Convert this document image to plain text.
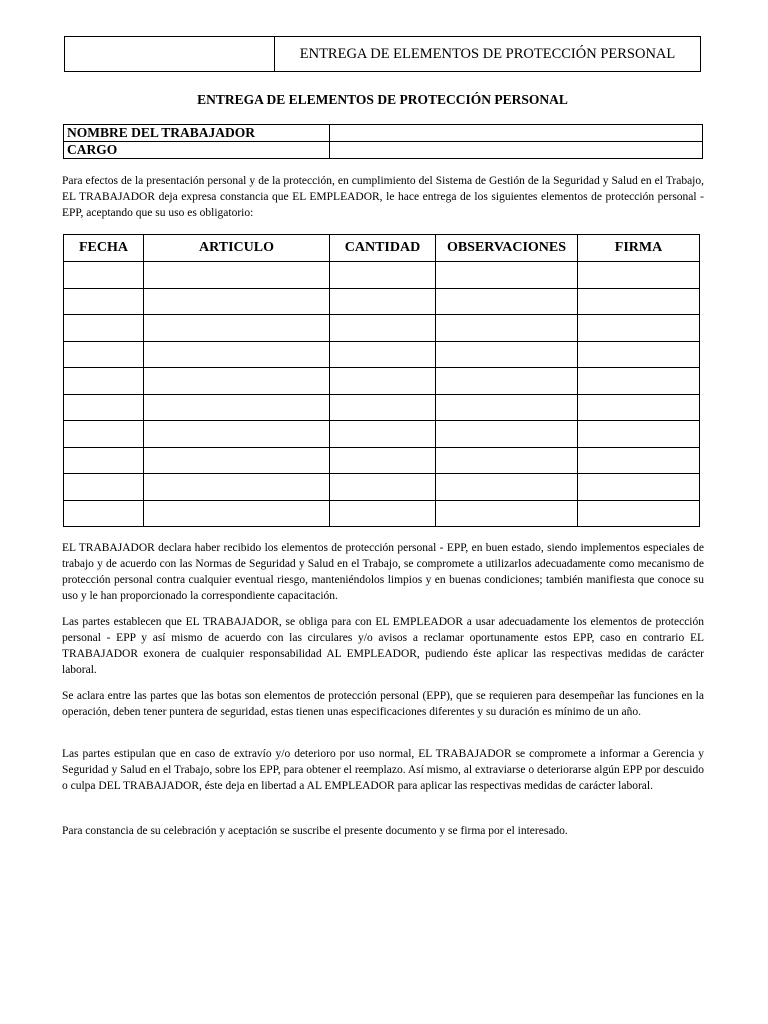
ENTREGA DE ELEMENTOS DE PROTECCIÓN PERSONAL
ENTREGA DE ELEMENTOS DE PROTECCIÓN PERSONAL
NOMBRE DEL TRABAJADOR	
CARGO	

Para efectos de la presentación personal y de la protección, en cumplimiento del Sistema de Gestión de la Seguridad y Salud en el Trabajo, EL TRABAJADOR deja expresa constancia que EL EMPLEADOR, le hace entrega de los siguientes elementos de protección personal - EPP, aceptando que su uso es obligatorio:

FECHA	ARTICULO	CANTIDAD	OBSERVACIONES	FIRMA

EL TRABAJADOR declara haber recibido los elementos de protección personal - EPP, en buen estado, siendo implementos especiales de trabajo y de acuerdo con las Normas de Seguridad y Salud en el Trabajo, se compromete a utilizarlos adecuadamente como mecanismo de protección personal contra cualquier eventual riesgo, manteniéndolos limpios y en buenas condiciones; también manifiesta que conoce su uso y le han proporcionado la correspondiente capacitación.

Las partes establecen que EL TRABAJADOR, se obliga para con EL EMPLEADOR a usar adecuadamente los elementos de protección personal - EPP y así mismo de acuerdo con las circulares y/o avisos a reclamar oportunamente estos EPP, caso en contrario EL TRABAJADOR exonera de cualquier responsabilidad AL EMPLEADOR, pudiendo éste aplicar las respectivas medidas de carácter laboral.

Se aclara entre las partes que las botas son elementos de protección personal (EPP), que se requieren para desempeñar las funciones en la operación, deben tener puntera de seguridad, estas tienen unas especificaciones diferentes y su duración es mínimo de un año.

Las partes estipulan que en caso de extravío y/o deterioro por uso normal, EL TRABAJADOR se compromete a informar a Gerencia y Seguridad y Salud en el Trabajo, sobre los EPP, para obtener el reemplazo. Así mismo, al extraviarse o deteriorarse algún EPP por descuido o culpa DEL TRABAJADOR, éste deja en libertad a AL EMPLEADOR para aplicar las respectivas medidas de carácter laboral.

Para constancia de su celebración y aceptación se suscribe el presente documento y se firma por el interesado.
